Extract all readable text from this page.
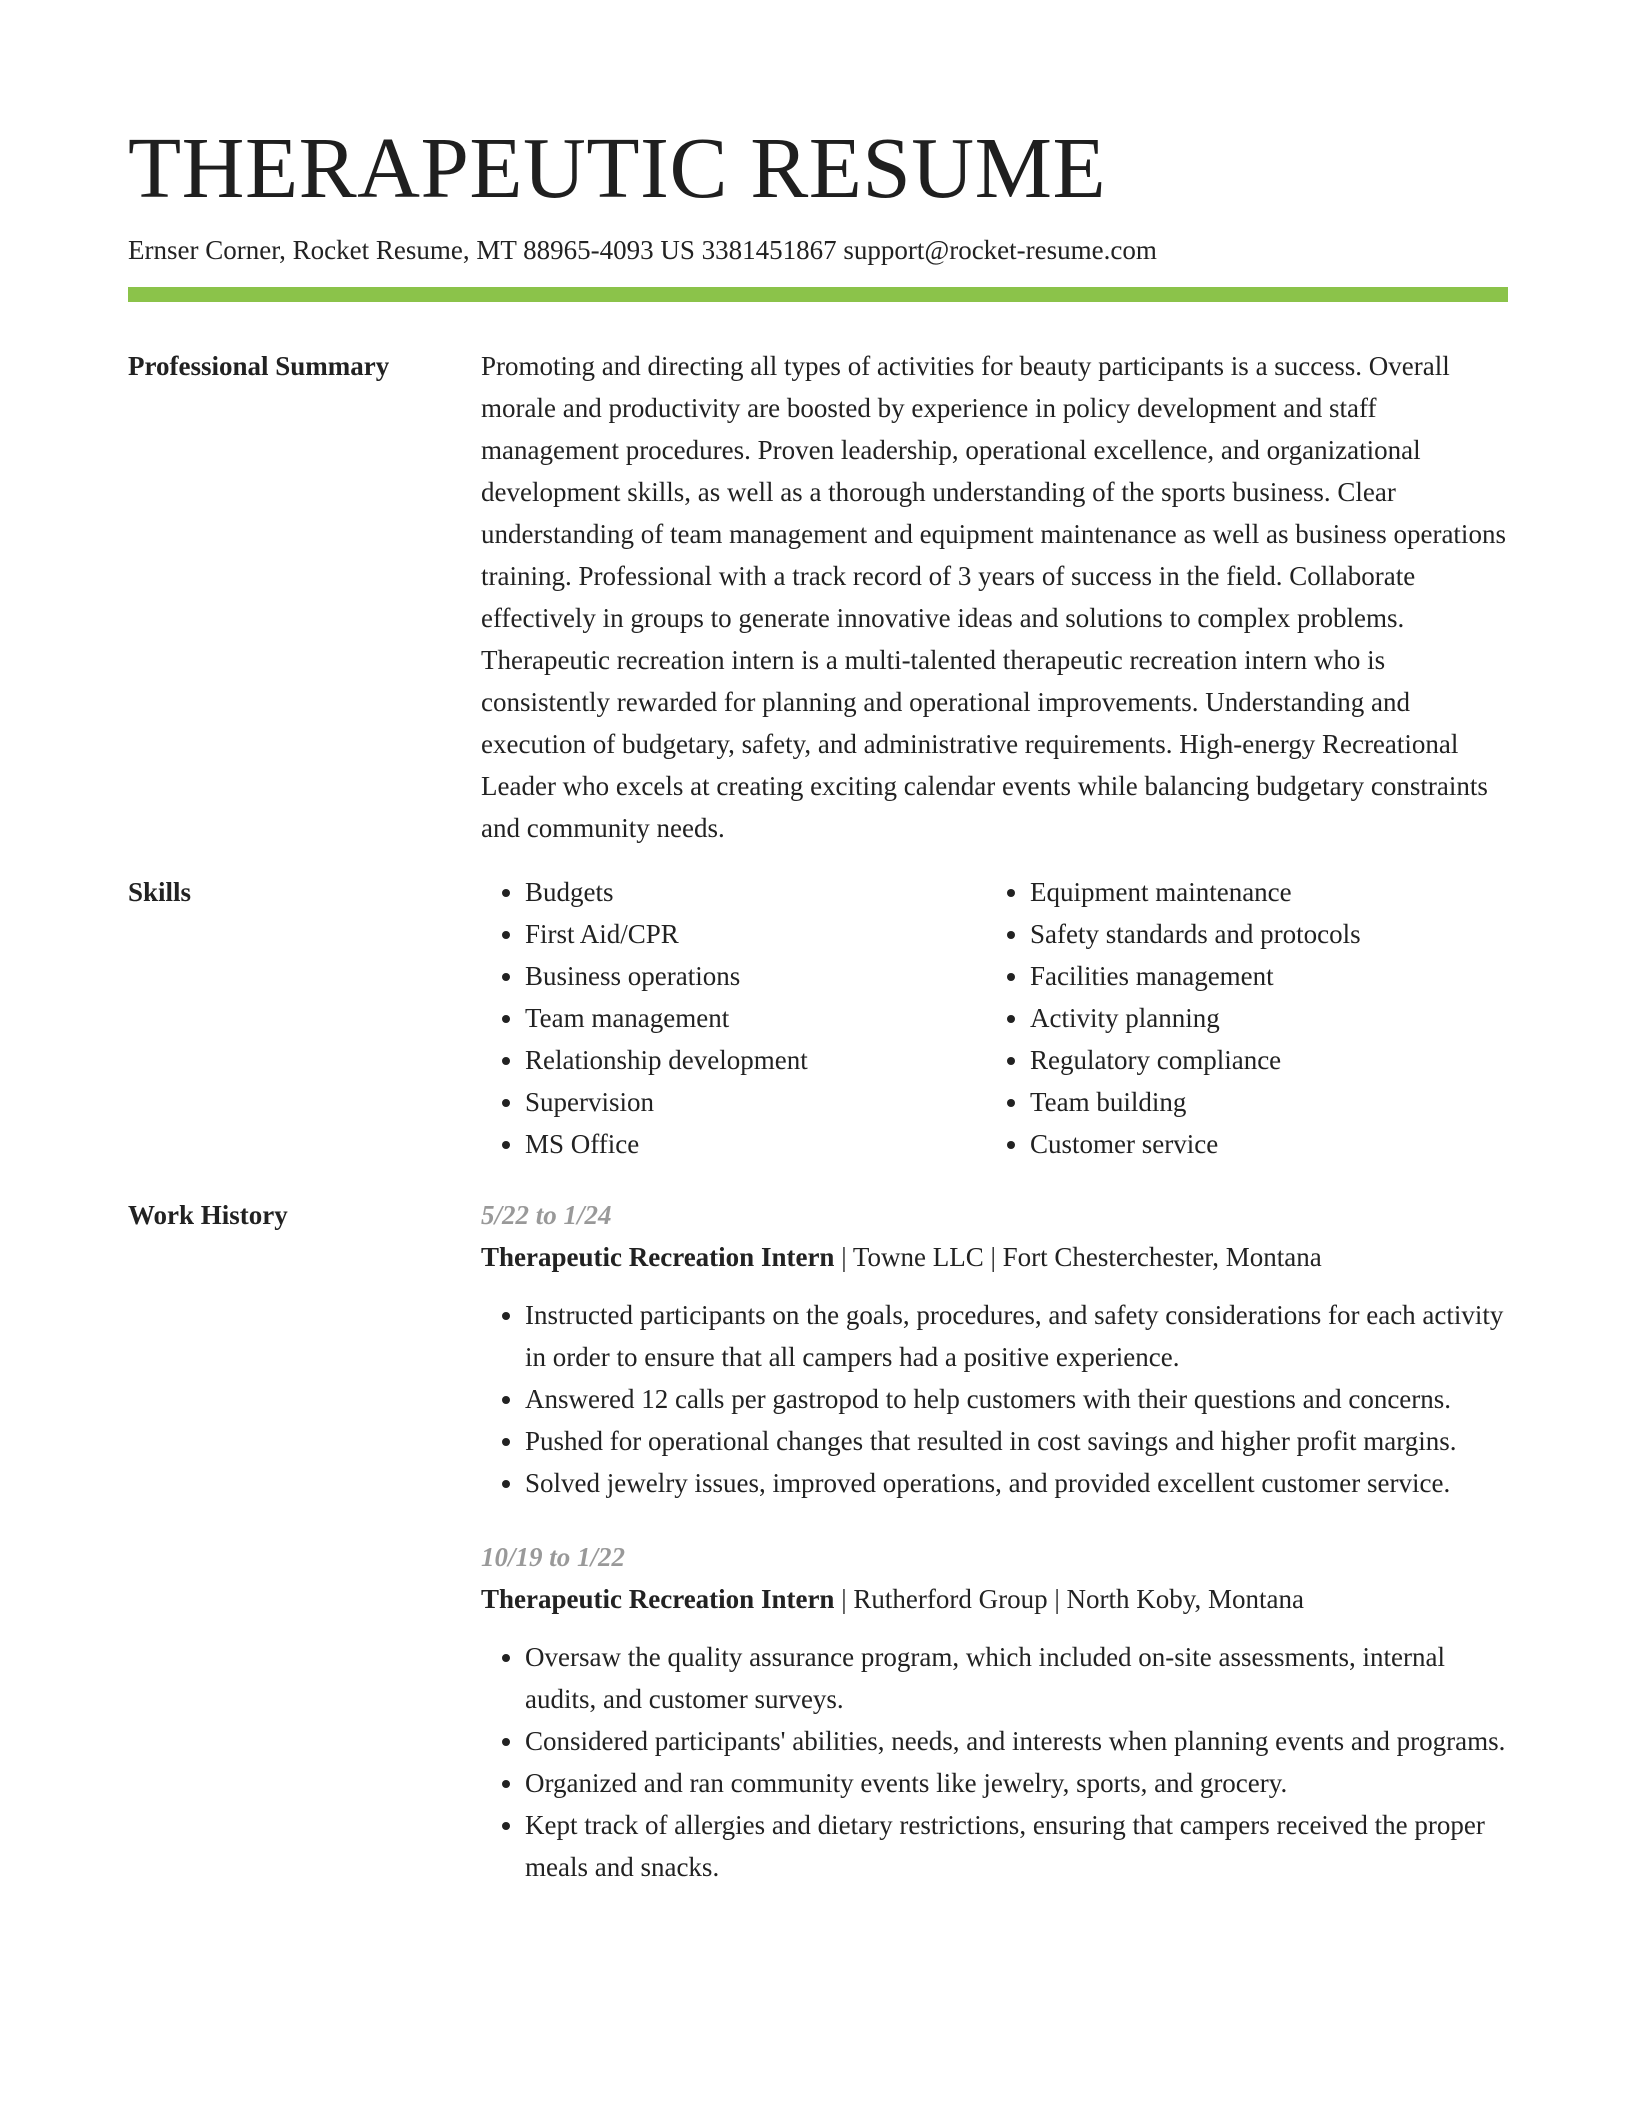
THERAPEUTIC RESUME
Ernser Corner, Rocket Resume, MT 88965-4093 US 3381451867 support@rocket-resume.com
Professional Summary	Promoting and directing all types of activities for beauty participants is a success. Overall morale and productivity are boosted by experience in policy development and staff management procedures. Proven leadership, operational excellence, and organizational development skills, as well as a thorough understanding of the sports business. Clear understanding of team management and equipment maintenance as well as business operations training. Professional with a track record of 3 years of success in the field. Collaborate effectively in groups to generate innovative ideas and solutions to complex problems. Therapeutic recreation intern is a multi-talented therapeutic recreation intern who is consistently rewarded for planning and operational improvements. Understanding and execution of budgetary, safety, and administrative requirements. High-energy Recreational Leader who excels at creating exciting calendar events while balancing budgetary constraints and community needs.

Skills
•	Budgets
• First Aid/CPR
• Business operations
• Team management
• Relationship development
• Supervision
• MS Office
• Equipment maintenance
• Safety standards and protocols
• Facilities management
• Activity planning
• Regulatory compliance
• Team building
• Customer service
Work History	5/22 to 1/24
Therapeutic Recreation Intern | Towne LLC | Fort Chesterchester, Montana
• Instructed participants on the goals, procedures, and safety considerations for each activity in order to ensure that all campers had a positive experience.
• Answered 12 calls per gastropod to help customers with their questions and concerns.
• Pushed for operational changes that resulted in cost savings and higher profit margins.
• Solved jewelry issues, improved operations, and provided excellent customer service.
10/19 to 1/22
Therapeutic Recreation Intern | Rutherford Group | North Koby, Montana
• Oversaw the quality assurance program, which included on-site assessments, internal audits, and customer surveys.
• Considered participants' abilities, needs, and interests when planning events and programs.
• Organized and ran community events like jewelry, sports, and grocery.
• Kept track of allergies and dietary restrictions, ensuring that campers received the proper meals and snacks.
